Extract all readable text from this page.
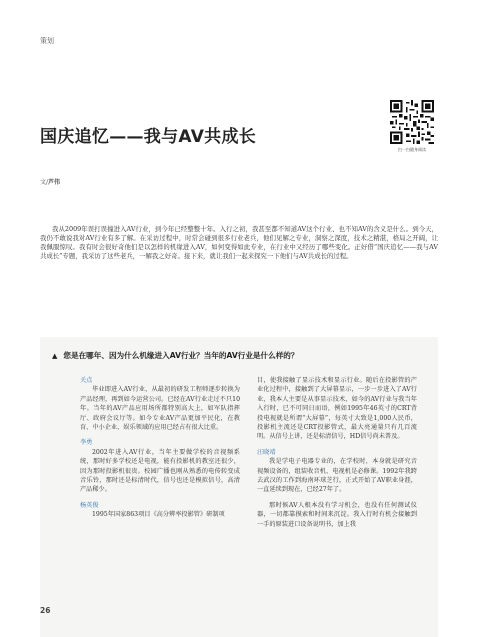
策划
扫一扫随身阅读
国庆追忆——我与AV共成长
文/芦伟
我从2009年误打误撞进入AV行业，到今年已经整整十年。入行之初，我甚至都不知道AV这个行业、也不知AV的含义是什么。到今天，我仍不敢说我对AV行业有多了解。在采访过程中，时常会碰到很多行业老兵，他们见解之专业，洞察之深度，技术之精湛，格局之开阔，让我佩服惊叹。我有时会很好奇他们是以怎样的机缘进入AV，如何变得如此专业，在行业中又经历了哪些变化。正好借“国庆追忆——我与AV共成长”专题，我采访了这些老兵，一解我之好奇。接下来，就让我们一起来探究一下他们与AV共成长的过程。
▲ 您是在哪年、因为什么机缘进入AV行业？当年的AV行业是什么样的？
关点
毕业即进入AV行业，从最初的研发工程师逐步转换为产品经理，再到如今运营公司。已经在AV行业走过不只10年。当年的AV产品应用场所都特别高大上，如军队指挥厅、政府会议厅等。如今专业AV产品更加平民化，在教育、中小企业、娱乐领域的应用已经占有很大比重。
李勇
2002年进入AV行业，当年主要做学校的音视频系统，那时好多学校还是电视，能有投影机的教室还很少，因为那时投影机很贵。校园广播也刚从熟悉的电传转变成音乐铃，那时还是标清时代，信号也还是模拟信号，高清产品稀少。
杨英俊
1995年国家863项目《高分辨率投影管》研制项
目，使我接触了显示技术和显示行业。随后在投影管的产业化过程中，接触到了大屏幕显示，一步一步进入了AV行业，我本人主要是从事显示技术，如今的AV行业与我当年入行时，已不可同日而语，例如1995年46英寸的CRT背投电视就是所谓“大屏幕”，每英寸大致是1,000人民币，投影机主流还是CRT投影管式，最大亮通量只有几百流明。从信号上讲，还是标清信号，HD信号尚未普及。
汪晓靖
我是学电子电器专业的，在学校时，本身就是研究音视频设备的，组装收音机、电视机是必修课。1992年我跨去武汉的工作到海南环球芝行，正式开始了AV职业身涯，一直延续到现在，已经27年了。
那时候AV人根本没有学习机会，也没有任何测试仪器，一切都靠摸索和时间来沉淀。我入行时有机会接触到一手的原装进口设备说明书，加上我
26
